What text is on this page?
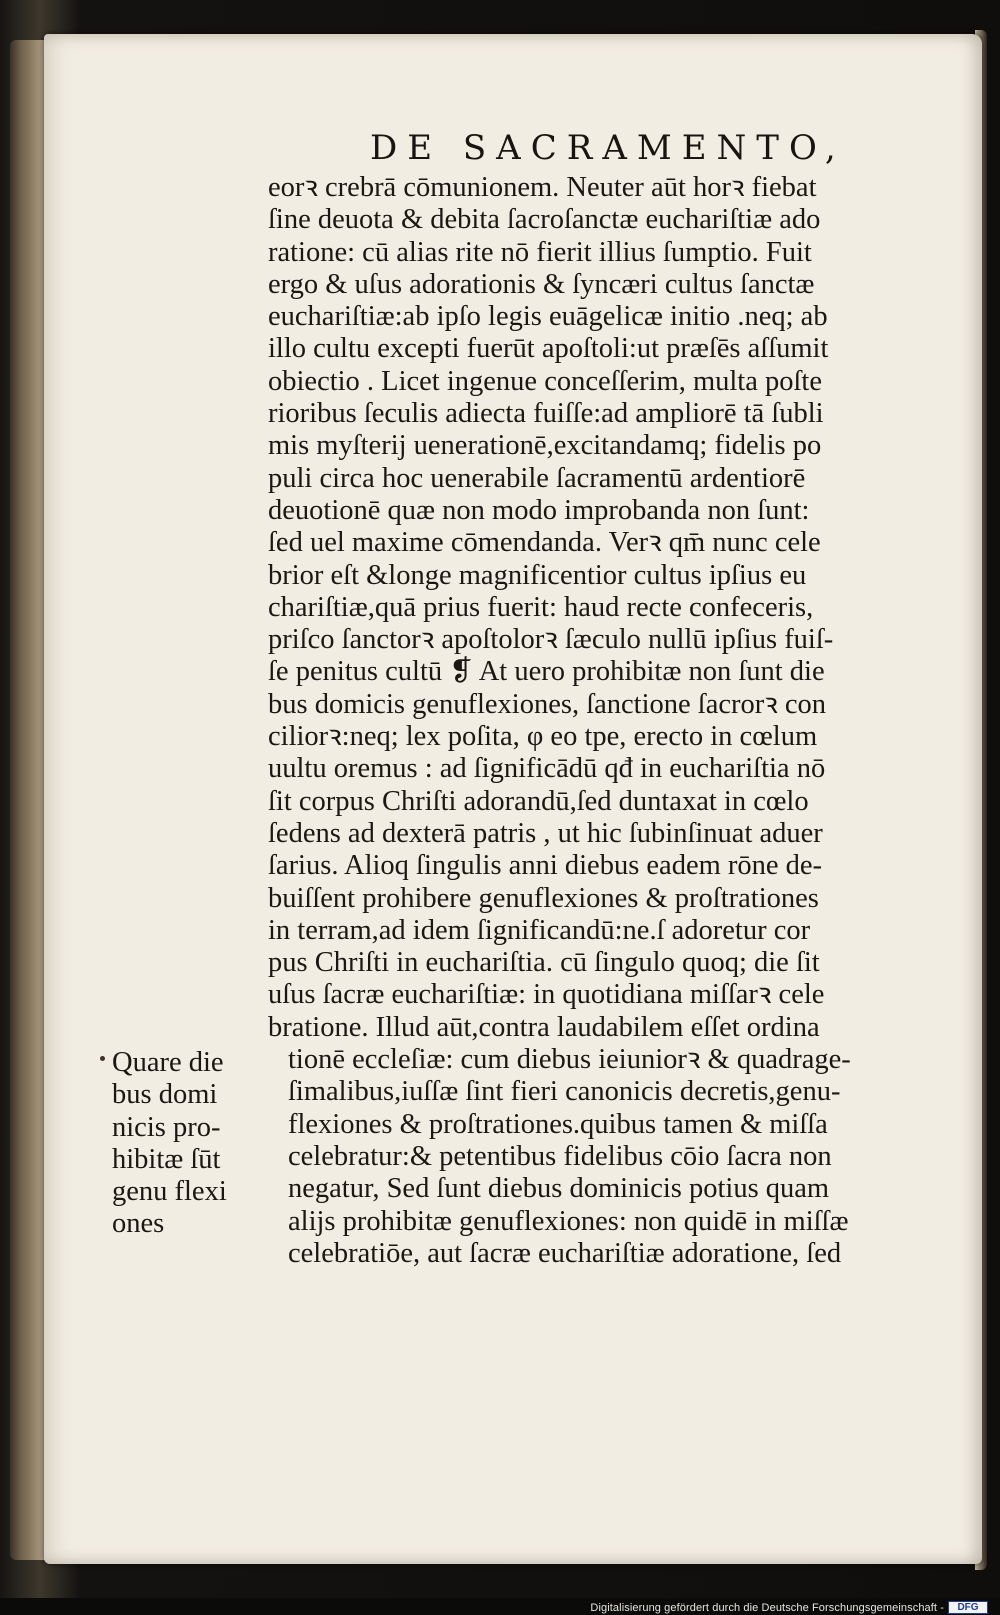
DE SACRAMENTO,
eorꝛ crebrā cōmunionem. Neuter aūt horꝛ fiebat
ſine deuota & debita ſacroſanctæ euchariſtiæ ado
ratione: cū alias rite nō fierit illius ſumptio. Fuit
ergo & uſus adorationis & ſyncæri cultus ſanctæ
euchariſtiæ:ab ipſo legis euāgelicæ initio .neq; ab
illo cultu excepti fuerūt apoſtoli:ut præſēs aſſumit
obiectio . Licet ingenue conceſſerim, multa poſte
rioribus ſeculis adiecta fuiſſe:ad ampliorē tā ſubli
mis myſterij uenerationē,excitandamq; fidelis po
puli circa hoc uenerabile ſacramentū ardentiorē
deuotionē quæ non modo improbanda non ſunt:
ſed uel maxime cōmendanda. Verꝛ qm̄ nunc cele
brior eſt &longe magnificentior cultus ipſius eu
chariſtiæ,quā prius fuerit: haud recte confeceris,
priſco ſanctorꝛ apoſtolorꝛ ſæculo nullū ipſius fuiſ-
ſe penitus cultū ❡ At uero prohibitæ non ſunt die
bus domicis genuflexiones, ſanctione ſacrorꝛ con
ciliorꝛ:neq; lex poſita, φ eo tpe, erecto in cœlum
uultu oremus : ad ſignificādū qđ in euchariſtia nō
ſit corpus Chriſti adorandū,ſed duntaxat in cœlo
ſedens ad dexterā patris , ut hic ſubinſinuat aduer
ſarius. Alioq ſingulis anni diebus eadem rōne de-
buiſſent prohibere genuflexiones & proſtrationes
in terram,ad idem ſignificandū:ne.ſ adoretur cor
pus Chriſti in euchariſtia. cū ſingulo quoq; die ſit
uſus ſacræ euchariſtiæ: in quotidiana miſſarꝛ cele
bratione. Illud aūt,contra laudabilem eſſet ordina
tionē eccleſiæ: cum diebus ieiuniorꝛ & quadrage-
ſimalibus,iuſſæ ſint fieri canonicis decretis,genu-
flexiones & proſtrationes.quibus tamen & miſſa
celebratur:& petentibus fidelibus cōio ſacra non
negatur, Sed ſunt diebus dominicis potius quam
alijs prohibitæ genuflexiones: non quidē in miſſæ
celebratiōe, aut ſacræ euchariſtiæ adoratione, ſed
Quare die
bus domi
nicis pro-
hibitæ ſūt
genu flexi
ones
Digitalisierung gefördert durch die Deutsche Forschungsgemeinschaft -	DFG
